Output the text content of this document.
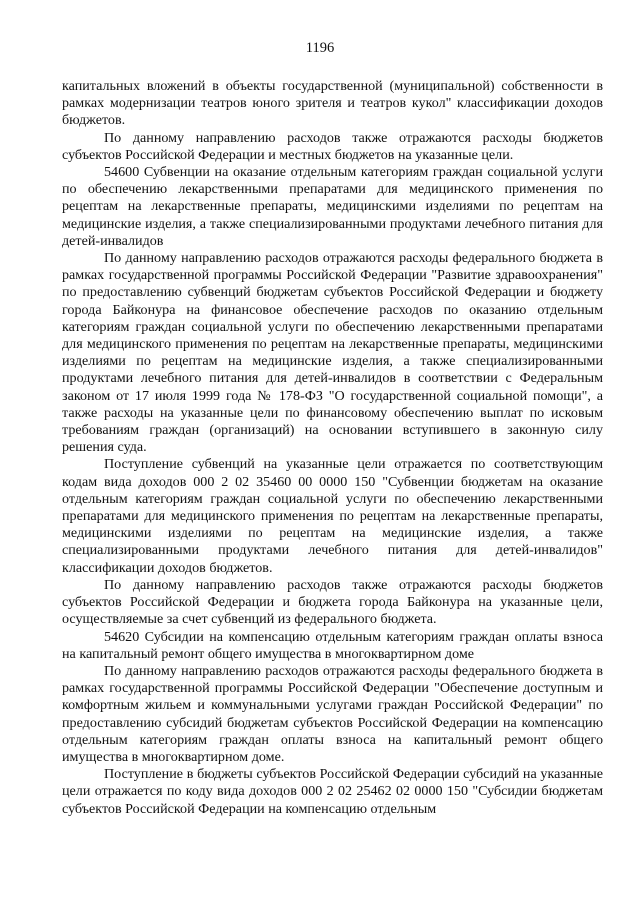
1196

капитальных вложений в объекты государственной (муниципальной) собственности в рамках модернизации театров юного зрителя и театров кукол" классификации доходов бюджетов.

По данному направлению расходов также отражаются расходы бюджетов субъектов Российской Федерации и местных бюджетов на указанные цели.

54600 Субвенции на оказание отдельным категориям граждан социальной услуги по обеспечению лекарственными препаратами для медицинского применения по рецептам на лекарственные препараты, медицинскими изделиями по рецептам на медицинские изделия, а также специализированными продуктами лечебного питания для детей-инвалидов

По данному направлению расходов отражаются расходы федерального бюджета в рамках государственной программы Российской Федерации "Развитие здравоохранения" по предоставлению субвенций бюджетам субъектов Российской Федерации и бюджету города Байконура на финансовое обеспечение расходов по оказанию отдельным категориям граждан социальной услуги по обеспечению лекарственными препаратами для медицинского применения по рецептам на лекарственные препараты, медицинскими изделиями по рецептам на медицинские изделия, а также специализированными продуктами лечебного питания для детей-инвалидов в соответствии с Федеральным законом от 17 июля 1999 года № 178-ФЗ "О государственной социальной помощи", а также расходы на указанные цели по финансовому обеспечению выплат по исковым требованиям граждан (организаций) на основании вступившего в законную силу решения суда.

Поступление субвенций на указанные цели отражается по соответствующим кодам вида доходов 000 2 02 35460 00 0000 150 "Субвенции бюджетам на оказание отдельным категориям граждан социальной услуги по обеспечению лекарственными препаратами для медицинского применения по рецептам на лекарственные препараты, медицинскими изделиями по рецептам на медицинские изделия, а также специализированными продуктами лечебного питания для детей-инвалидов" классификации доходов бюджетов.

По данному направлению расходов также отражаются расходы бюджетов субъектов Российской Федерации и бюджета города Байконура на указанные цели, осуществляемые за счет субвенций из федерального бюджета.

54620 Субсидии на компенсацию отдельным категориям граждан оплаты взноса на капитальный ремонт общего имущества в многоквартирном доме

По данному направлению расходов отражаются расходы федерального бюджета в рамках государственной программы Российской Федерации "Обеспечение доступным и комфортным жильем и коммунальными услугами граждан Российской Федерации" по предоставлению субсидий бюджетам субъектов Российской Федерации на компенсацию отдельным категориям граждан оплаты взноса на капитальный ремонт общего имущества в многоквартирном доме.

Поступление в бюджеты субъектов Российской Федерации субсидий на указанные цели отражается по коду вида доходов 000 2 02 25462 02 0000 150 "Субсидии бюджетам субъектов Российской Федерации на компенсацию отдельным
